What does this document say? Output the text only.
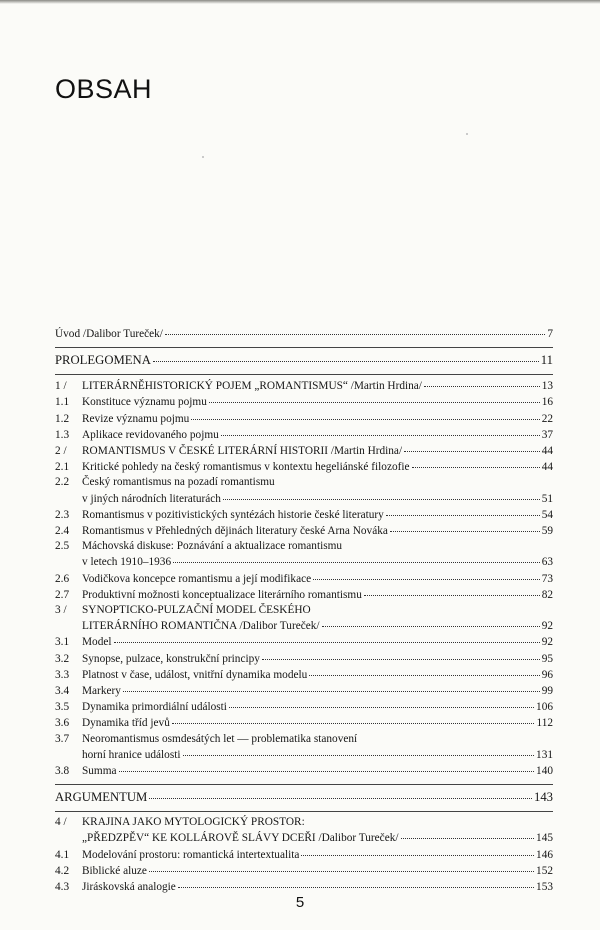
OBSAH
Úvod /Dalibor Tureček/	7
PROLEGOMENA	11
1 /	LITERÁRNĚHISTORICKÝ POJEM „ROMANTISMUS“ /Martin Hrdina/	13
1.1	Konstituce významu pojmu	16
1.2	Revize významu pojmu	22
1.3	Aplikace revidovaného pojmu	37
2 /	ROMANTISMUS V ČESKÉ LITERÁRNÍ HISTORII /Martin Hrdina/	44
2.1	Kritické pohledy na český romantismus v kontextu hegeliánské filozofie	44
2.2	Český romantismus na pozadí romantismu
v jiných národních literaturách	51
2.3	Romantismus v pozitivistických syntézách historie české literatury	54
2.4	Romantismus v Přehledných dějinách literatury české Arna Nováka	59
2.5	Máchovská diskuse: Poznávání a aktualizace romantismu
v letech 1910–1936	63
2.6	Vodičkova koncepce romantismu a její modifikace	73
2.7	Produktivní možnosti konceptualizace literárního romantismu	82
3 /	SYNOPTICKO-PULZAČNÍ MODEL ČESKÉHO
LITERÁRNÍHO ROMANTIČNA /Dalibor Tureček/	92
3.1	Model	92
3.2	Synopse, pulzace, konstrukční principy	95
3.3	Platnost v čase, událost, vnitřní dynamika modelu	96
3.4	Markery	99
3.5	Dynamika primordiální události	106
3.6	Dynamika tříd jevů	112
3.7	Neoromantismus osmdesátých let — problematika stanovení
horní hranice události	131
3.8	Summa	140
ARGUMENTUM	143
4 /	KRAJINA JAKO MYTOLOGICKÝ PROSTOR:
„PŘEDZPĚV“ KE KOLLÁROVĚ SLÁVY DCEŘI /Dalibor Tureček/	145
4.1	Modelování prostoru: romantická intertextualita	146
4.2	Biblické aluze	152
4.3	Jiráskovská analogie	153
5
